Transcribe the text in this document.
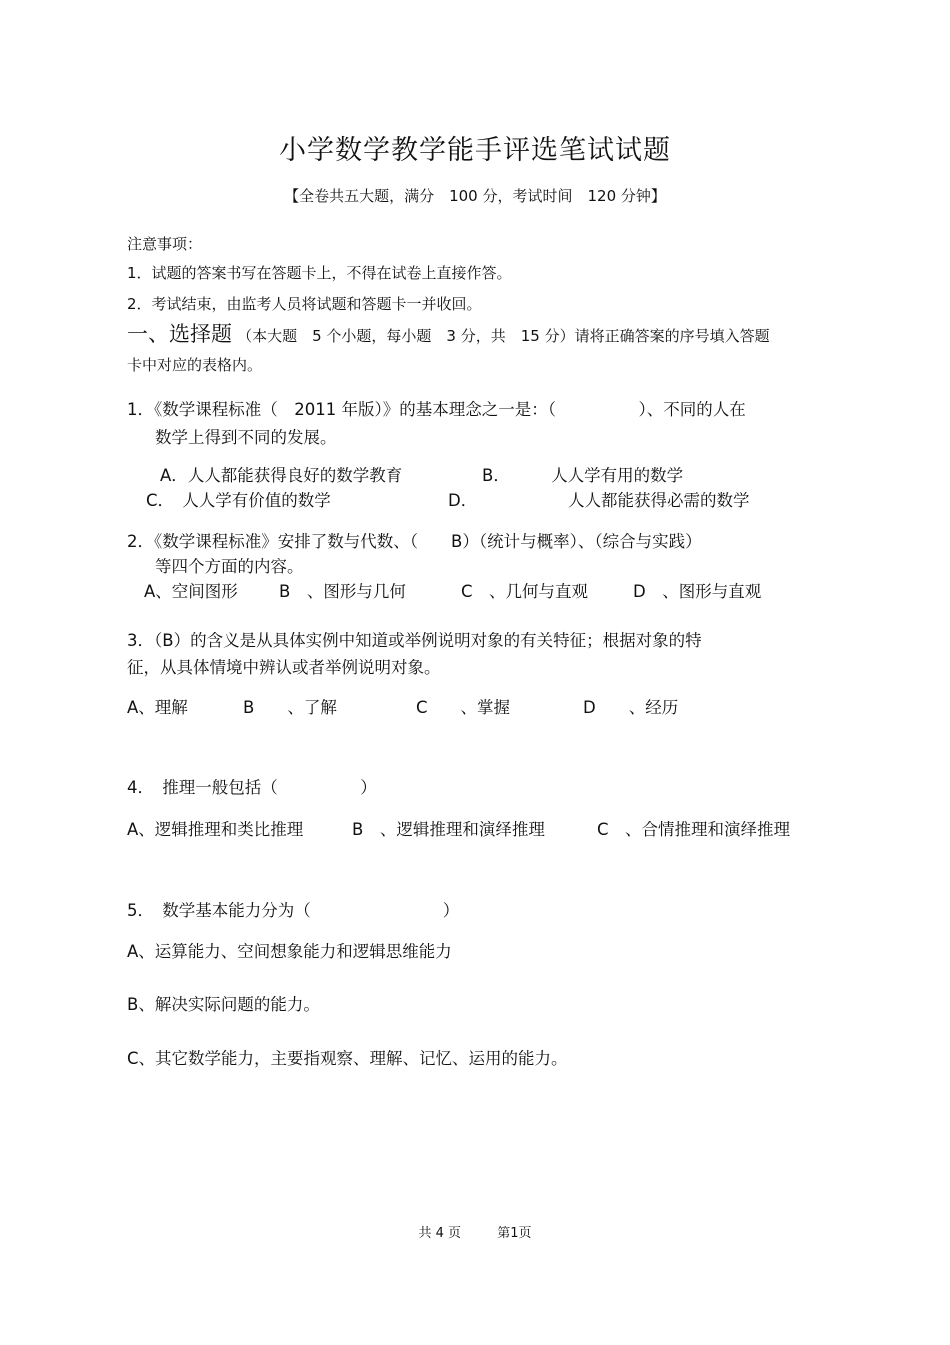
小学数学教学能手评选笔试试题
【全卷共五大题，满分　100 分，考试时间　120 分钟】
注意事项：
1．试题的答案书写在答题卡上，不得在试卷上直接作答。
2．考试结束，由监考人员将试题和答题卡一并收回。
一、选择题 （本大题　5 个小题，每小题　3 分，共　15 分）请将正确答案的序号填入答题
卡中对应的表格内。
1．《数学课程标准（　2011 年版）》的基本理念之一是：（　　　　　）、不同的人在
数学上得到不同的发展。
A．人人都能获得良好的数学教育	B．　　　人人学有用的数学
C．　人人学有价值的数学	D．　　　　　　人人都能获得必需的数学
2．《数学课程标准》安排了数与代数、（　　B）（统计与概率）、（综合与实践）
等四个方面的内容。
A、空间图形 B　、图形与几何	C　、几何与直观	D　、图形与直观
3．（B）的含义是从具体实例中知道或举例说明对象的有关特征；根据对象的特
征，从具体情境中辨认或者举例说明对象。
A、理解	B　　、了解	C　　、掌握	D　　、经历
4．　推理一般包括（　　　　　）
A、逻辑推理和类比推理	B　、逻辑推理和演绎推理	C　、合情推理和演绎推理
5．　数学基本能力分为（　　　　　　　　）
A、运算能力、空间想象能力和逻辑思维能力
B、解决实际问题的能力。
C、其它数学能力，主要指观察、理解、记忆、运用的能力。
共 4 页	第1页
